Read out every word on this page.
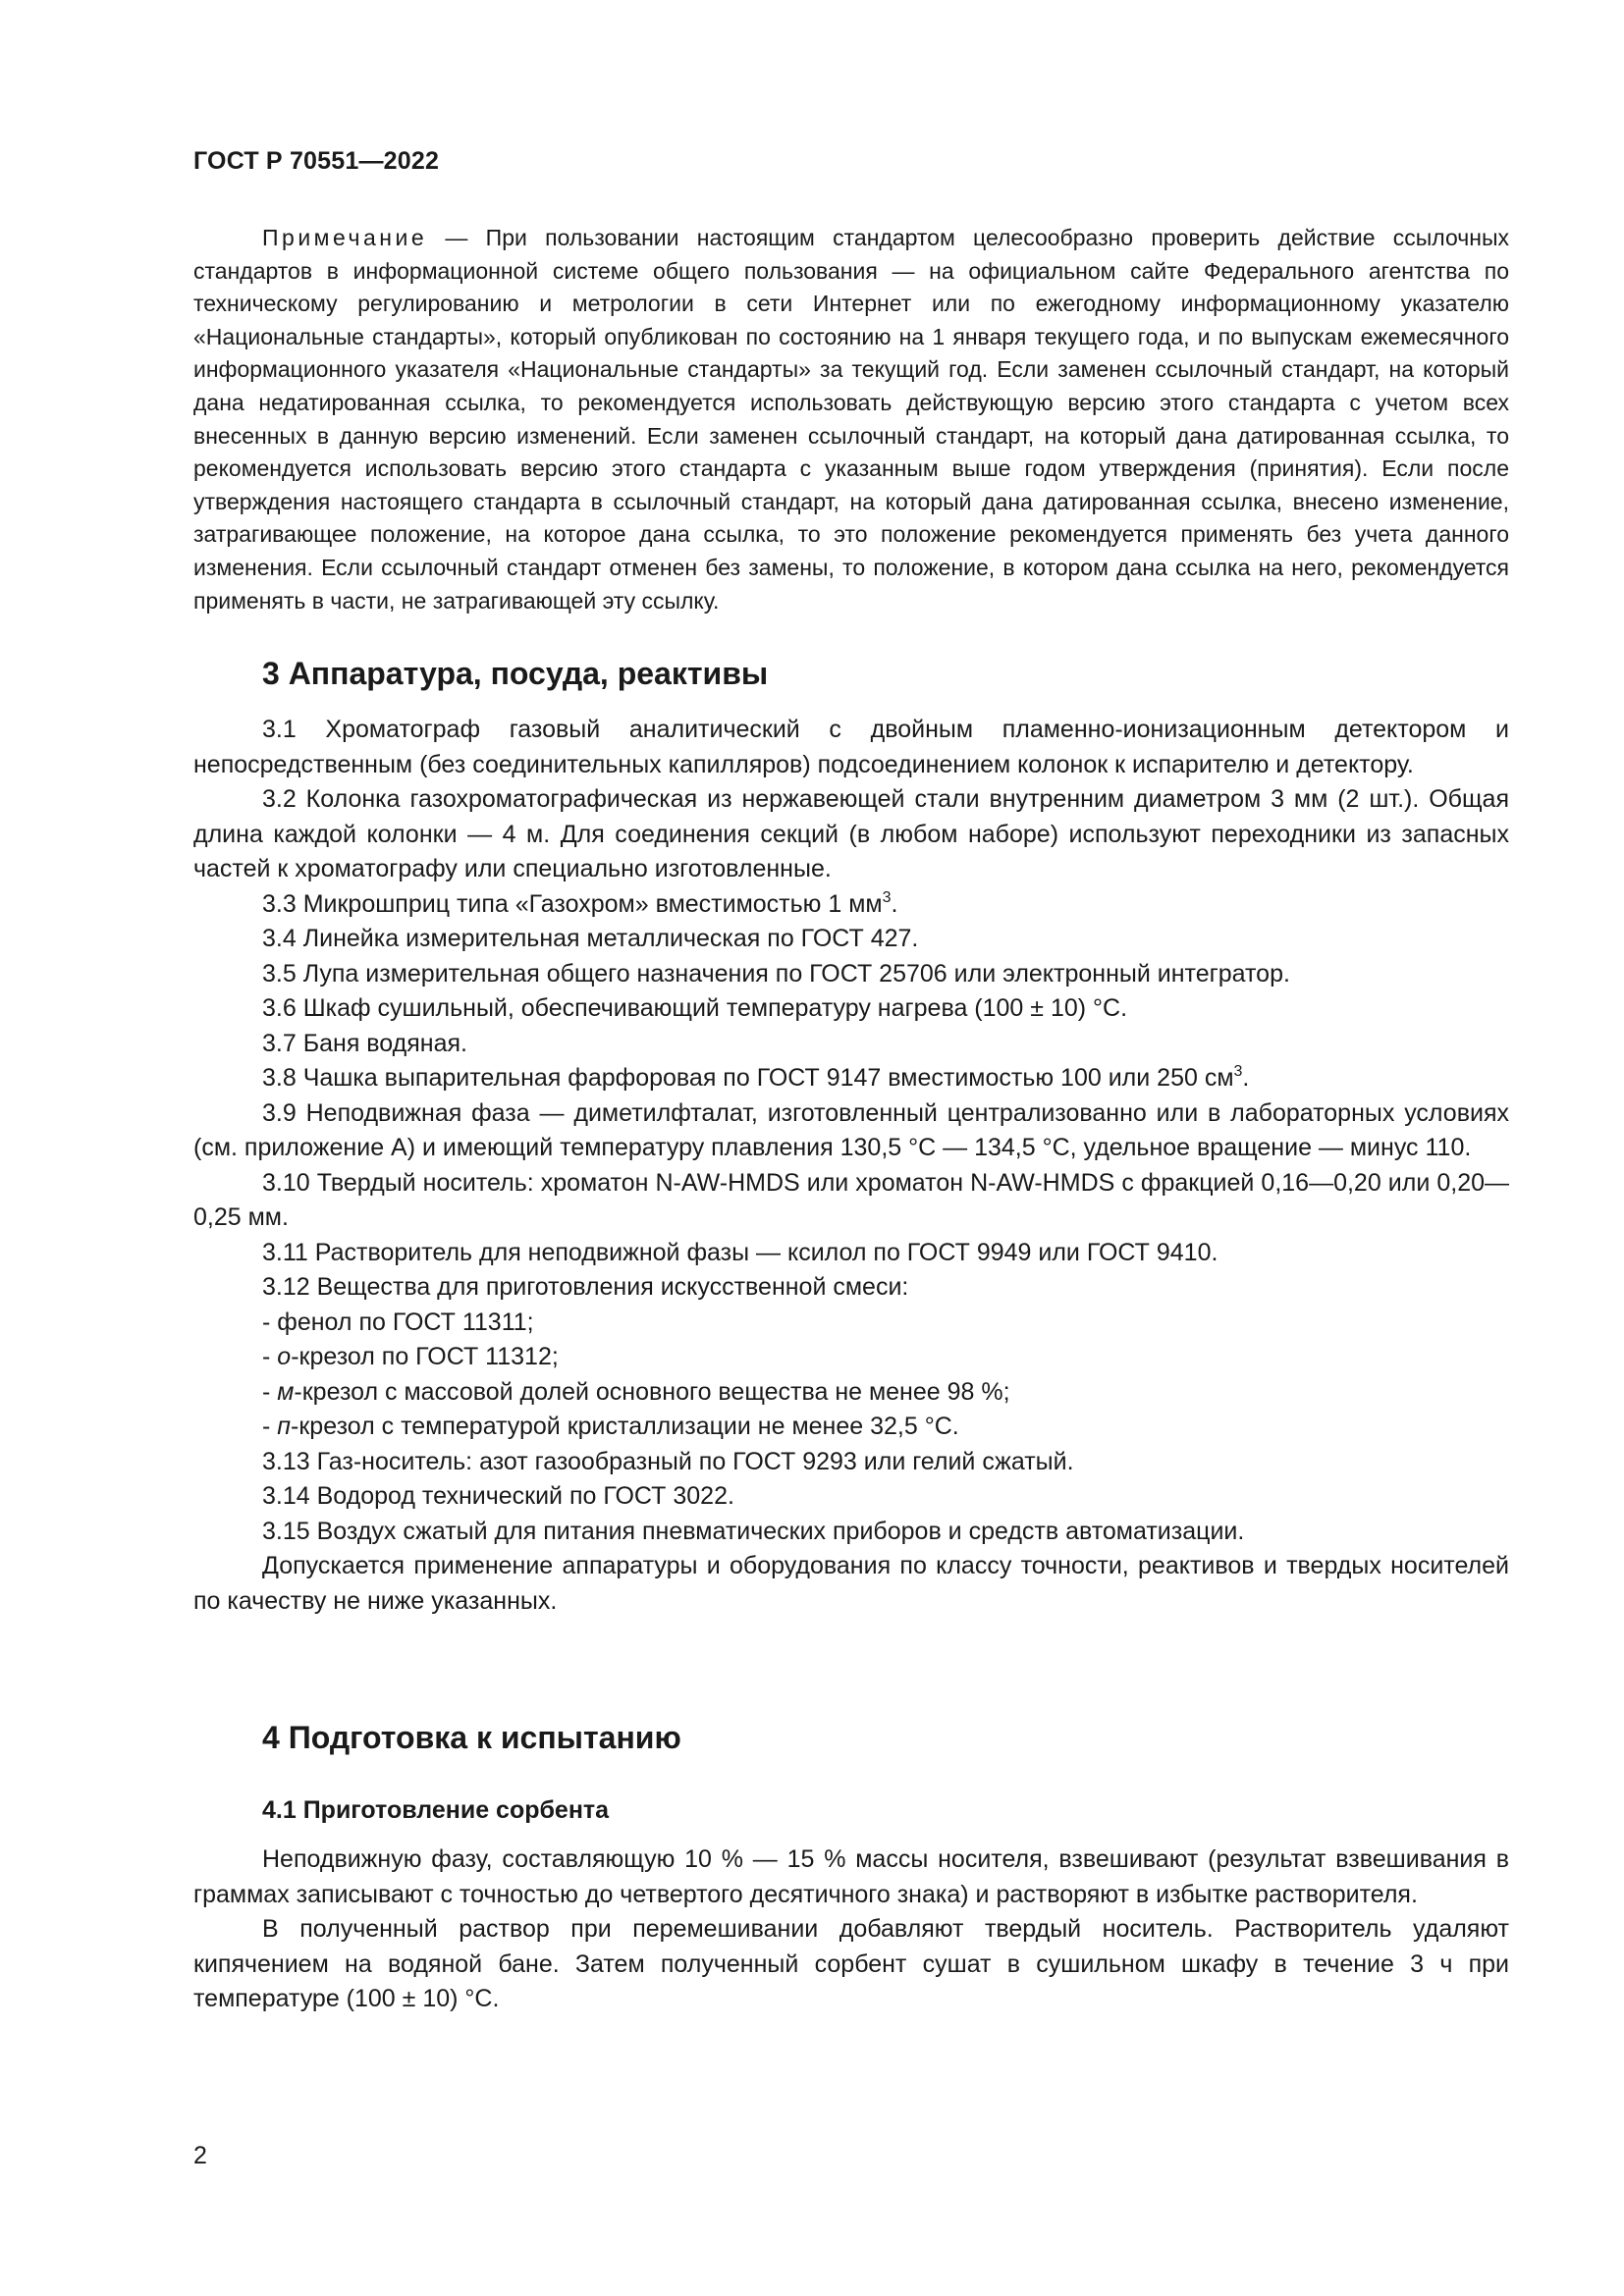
ГОСТ Р 70551—2022

Примечание — При пользовании настоящим стандартом целесообразно проверить действие ссылочных стандартов в информационной системе общего пользования — на официальном сайте Федерального агентства по техническому регулированию и метрологии в сети Интернет или по ежегодному информационному указателю «Национальные стандарты», который опубликован по состоянию на 1 января текущего года, и по выпускам ежемесячного информационного указателя «Национальные стандарты» за текущий год. Если заменен ссылочный стандарт, на который дана недатированная ссылка, то рекомендуется использовать действующую версию этого стандарта с учетом всех внесенных в данную версию изменений. Если заменен ссылочный стандарт, на который дана датированная ссылка, то рекомендуется использовать версию этого стандарта с указанным выше годом утверждения (принятия). Если после утверждения настоящего стандарта в ссылочный стандарт, на который дана датированная ссылка, внесено изменение, затрагивающее положение, на которое дана ссылка, то это положение рекомендуется применять без учета данного изменения. Если ссылочный стандарт отменен без замены, то положение, в котором дана ссылка на него, рекомендуется применять в части, не затрагивающей эту ссылку.

3 Аппаратура, посуда, реактивы

3.1 Хроматограф газовый аналитический с двойным пламенно-ионизационным детектором и непосредственным (без соединительных капилляров) подсоединением колонок к испарителю и детектору.

3.2 Колонка газохроматографическая из нержавеющей стали внутренним диаметром 3 мм (2 шт.). Общая длина каждой колонки — 4 м. Для соединения секций (в любом наборе) используют переходники из запасных частей к хроматографу или специально изготовленные.

3.3 Микрошприц типа «Газохром» вместимостью 1 $мм^3$.

3.4 Линейка измерительная металлическая по ГОСТ 427.

3.5 Лупа измерительная общего назначения по ГОСТ 25706 или электронный интегратор.

3.6 Шкаф сушильный, обеспечивающий температуру нагрева (100 ± 10) °С.

3.7 Баня водяная.

3.8 Чашка выпарительная фарфоровая по ГОСТ 9147 вместимостью 100 или 250 $см^3$.

3.9 Неподвижная фаза — диметилфталат, изготовленный централизованно или в лабораторных условиях (см. приложение А) и имеющий температуру плавления 130,5 °С — 134,5 °С, удельное вращение — минус 110.

3.10 Твердый носитель: хроматон N-AW-HMDS или хроматон N-AW-HMDS с фракцией 0,16—0,20 или 0,20—0,25 мм.

3.11 Растворитель для неподвижной фазы — ксилол по ГОСТ 9949 или ГОСТ 9410.

3.12 Вещества для приготовления искусственной смеси:

- фенол по ГОСТ 11311;

- о-крезол по ГОСТ 11312;

- м-крезол с массовой долей основного вещества не менее 98 %;

- п-крезол с температурой кристаллизации не менее 32,5 °С.

3.13 Газ-носитель: азот газообразный по ГОСТ 9293 или гелий сжатый.

3.14 Водород технический по ГОСТ 3022.

3.15 Воздух сжатый для питания пневматических приборов и средств автоматизации.

Допускается применение аппаратуры и оборудования по классу точности, реактивов и твердых носителей по качеству не ниже указанных.

4 Подготовка к испытанию
4.1 Приготовление сорбента

Неподвижную фазу, составляющую 10 % — 15 % массы носителя, взвешивают (результат взвешивания в граммах записывают с точностью до четвертого десятичного знака) и растворяют в избытке растворителя.

В полученный раствор при перемешивании добавляют твердый носитель. Растворитель удаляют кипячением на водяной бане. Затем полученный сорбент сушат в сушильном шкафу в течение 3 ч при температуре (100 ± 10) °С.

2
